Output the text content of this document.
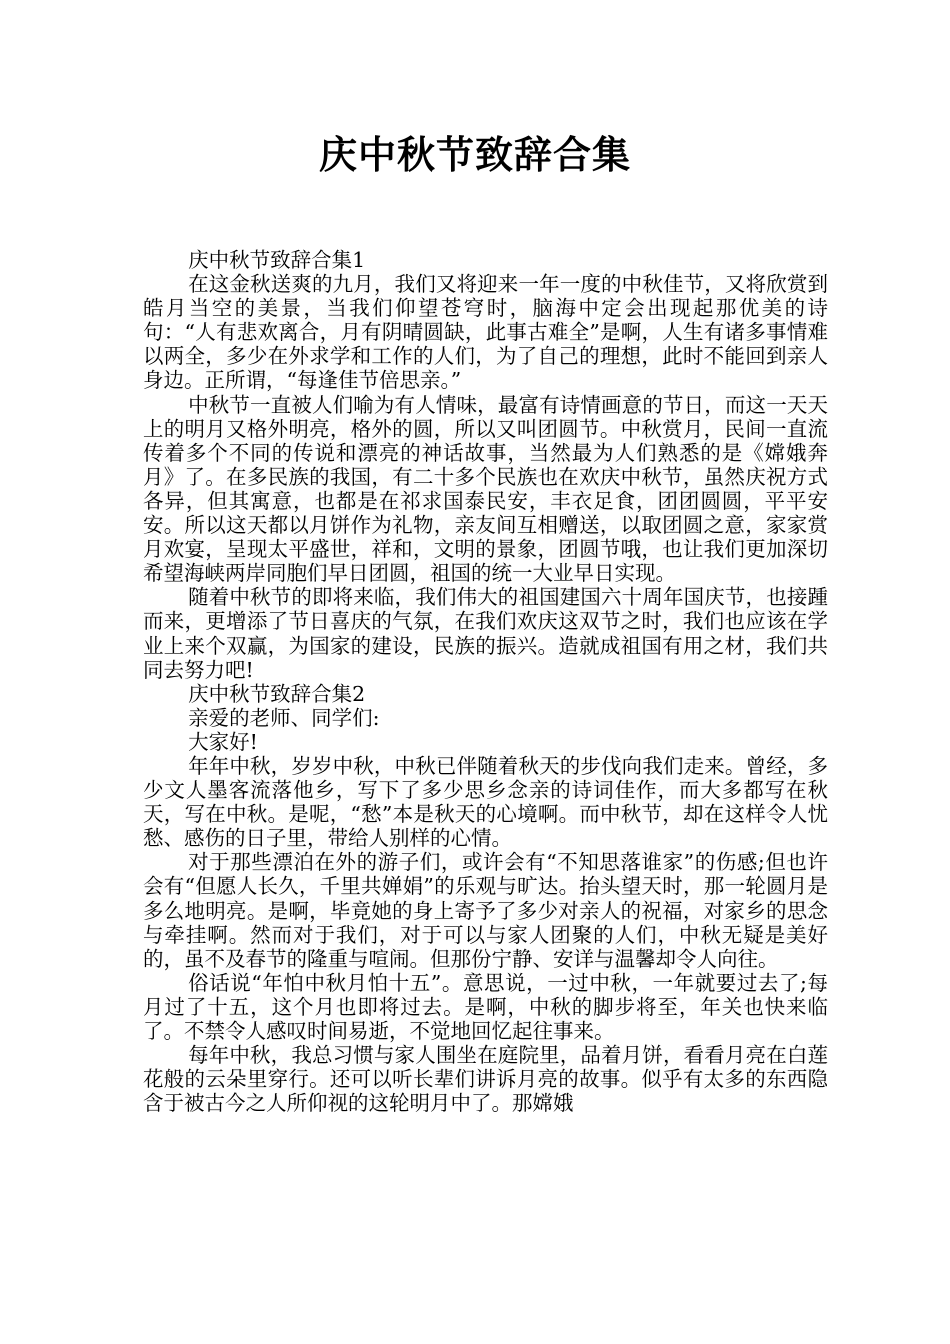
庆中秋节致辞合集

庆中秋节致辞合集1

在这金秋送爽的九月，我们又将迎来一年一度的中秋佳节，又将欣赏到皓月当空的美景，当我们仰望苍穹时，脑海中定会出现起那优美的诗句：“人有悲欢离合，月有阴晴圆缺，此事古难全”是啊，人生有诸多事情难以两全，多少在外求学和工作的人们，为了自己的理想，此时不能回到亲人身边。正所谓，“每逢佳节倍思亲。”

中秋节一直被人们喻为有人情味，最富有诗情画意的节日，而这一天天上的明月又格外明亮，格外的圆，所以又叫团圆节。中秋赏月，民间一直流传着多个不同的传说和漂亮的神话故事，当然最为人们熟悉的是《嫦娥奔月》了。在多民族的我国，有二十多个民族也在欢庆中秋节，虽然庆祝方式各异，但其寓意，也都是在祁求国泰民安，丰衣足食，团团圆圆，平平安安。所以这天都以月饼作为礼物，亲友间互相赠送，以取团圆之意，家家赏月欢宴，呈现太平盛世，祥和，文明的景象，团圆节哦，也让我们更加深切希望海峡两岸同胞们早日团圆，祖国的统一大业早日实现。

随着中秋节的即将来临，我们伟大的祖国建国六十周年国庆节，也接踵而来，更增添了节日喜庆的气氛，在我们欢庆这双节之时，我们也应该在学业上来个双赢，为国家的建设，民族的振兴。造就成祖国有用之材，我们共同去努力吧!

庆中秋节致辞合集2

亲爱的老师、同学们:

大家好!

年年中秋，岁岁中秋，中秋已伴随着秋天的步伐向我们走来。曾经，多少文人墨客流落他乡，写下了多少思乡念亲的诗词佳作，而大多都写在秋天，写在中秋。是呢，“愁”本是秋天的心境啊。而中秋节，却在这样令人忧愁、感伤的日子里，带给人别样的心情。

对于那些漂泊在外的游子们，或许会有“不知思落谁家”的伤感;但也许会有“但愿人长久，千里共婵娟”的乐观与旷达。抬头望天时，那一轮圆月是多么地明亮。是啊，毕竟她的身上寄予了多少对亲人的祝福，对家乡的思念与牵挂啊。然而对于我们，对于可以与家人团聚的人们，中秋无疑是美好的，虽不及春节的隆重与喧闹。但那份宁静、安详与温馨却令人向往。

俗话说“年怕中秋月怕十五”。意思说，一过中秋，一年就要过去了;每月过了十五，这个月也即将过去。是啊，中秋的脚步将至，年关也快来临了。不禁令人感叹时间易逝，不觉地回忆起往事来。

每年中秋，我总习惯与家人围坐在庭院里，品着月饼，看看月亮在白莲花般的云朵里穿行。还可以听长辈们讲诉月亮的故事。似乎有太多的东西隐含于被古今之人所仰视的这轮明月中了。那嫦娥
